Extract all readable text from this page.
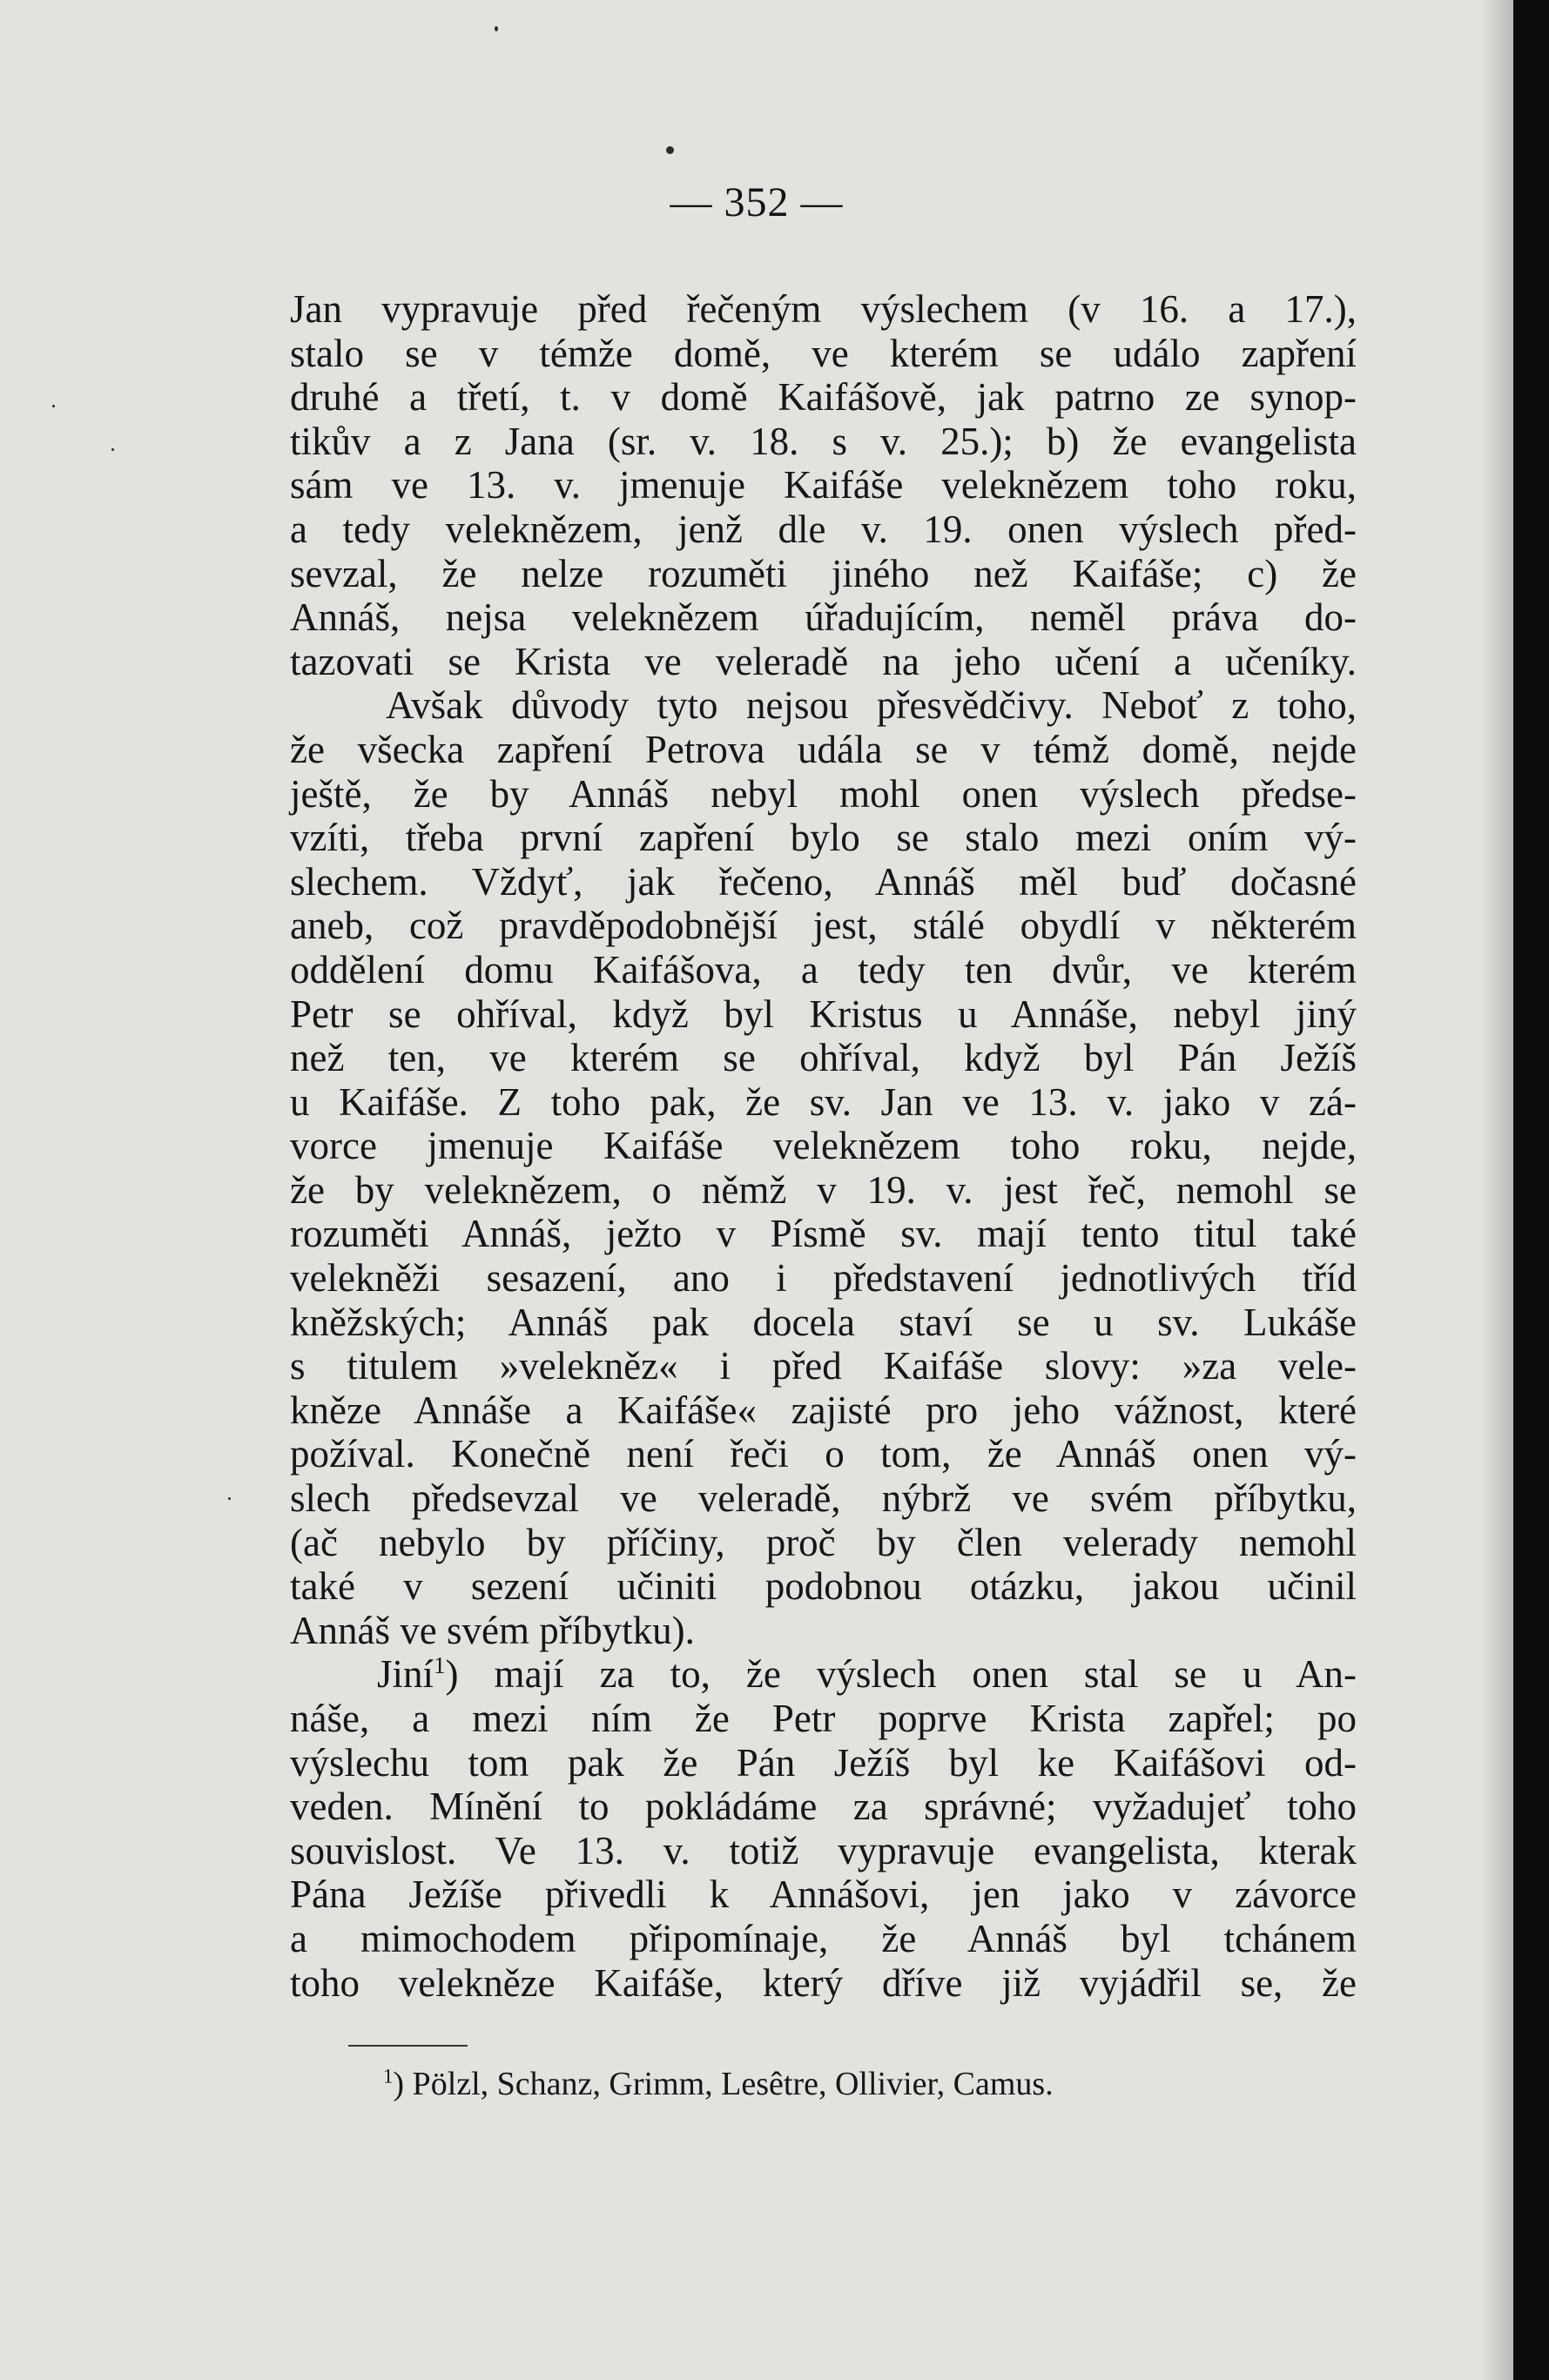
— 352 —
Jan vypravuje před řečeným výslechem (v 16. a 17.),
stalo se v témže domě, ve kterém se událo zapření
druhé a třetí, t. v domě Kaifášově, jak patrno ze synop-
tikův a z Jana (sr. v. 18. s v. 25.); b) že evangelista
sám ve 13. v. jmenuje Kaifáše veleknězem toho roku,
a tedy veleknězem, jenž dle v. 19. onen výslech před-
sevzal, že nelze rozuměti jiného než Kaifáše; c) že
Annáš, nejsa veleknězem úřadujícím, neměl práva do-
tazovati se Krista ve veleradě na jeho učení a učeníky.
Avšak důvody tyto nejsou přesvědčivy. Neboť z toho,
že všecka zapření Petrova udála se v témž domě, nejde
ještě, že by Annáš nebyl mohl onen výslech předse-
vzíti, třeba první zapření bylo se stalo mezi oním vý-
slechem. Vždyť, jak řečeno, Annáš měl buď dočasné
aneb, což pravděpodobnější jest, stálé obydlí v některém
oddělení domu Kaifášova, a tedy ten dvůr, ve kterém
Petr se ohříval, když byl Kristus u Annáše, nebyl jiný
než ten, ve kterém se ohříval, když byl Pán Ježíš
u Kaifáše. Z toho pak, že sv. Jan ve 13. v. jako v zá-
vorce jmenuje Kaifáše veleknězem toho roku, nejde,
že by veleknězem, o němž v 19. v. jest řeč, nemohl se
rozuměti Annáš, ježto v Písmě sv. mají tento titul také
velekněži sesazení, ano i představení jednotlivých tříd
kněžských; Annáš pak docela staví se u sv. Lukáše
s titulem »velekněz« i před Kaifáše slovy: »za vele-
kněze Annáše a Kaifáše« zajisté pro jeho vážnost, které
požíval. Konečně není řeči o tom, že Annáš onen vý-
slech předsevzal ve veleradě, nýbrž ve svém příbytku,
(ač nebylo by příčiny, proč by člen velerady nemohl
také v sezení učiniti podobnou otázku, jakou učinil
Annáš ve svém příbytku).
Jiní$^1$) mají za to, že výslech onen stal se u An-
náše, a mezi ním že Petr poprve Krista zapřel; po
výslechu tom pak že Pán Ježíš byl ke Kaifášovi od-
veden. Mínění to pokládáme za správné; vyžadujeť toho
souvislost. Ve 13. v. totiž vypravuje evangelista, kterak
Pána Ježíše přivedli k Annášovi, jen jako v závorce
a mimochodem připomínaje, že Annáš byl tchánem
toho velekněze Kaifáše, který dříve již vyjádřil se, že
$^1$) Pölzl, Schanz, Grimm, Lesêtre, Ollivier, Camus.
